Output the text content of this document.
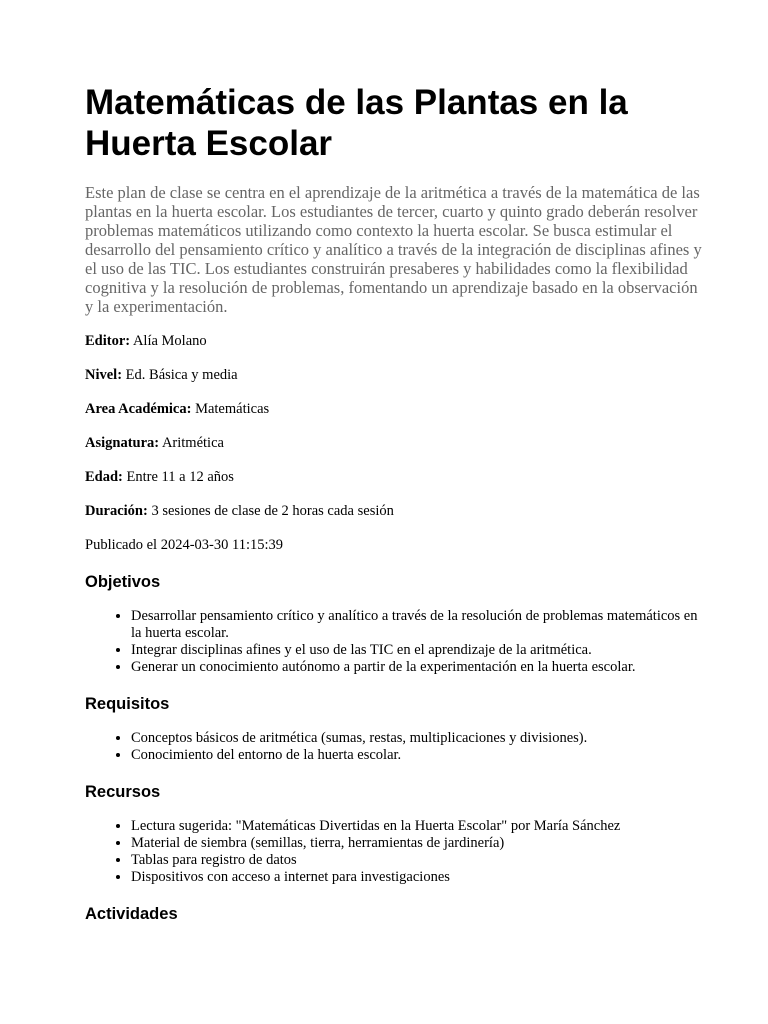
Matemáticas de las Plantas en la Huerta Escolar

Este plan de clase se centra en el aprendizaje de la aritmética a través de la matemática de las plantas en la huerta escolar. Los estudiantes de tercer, cuarto y quinto grado deberán resolver problemas matemáticos utilizando como contexto la huerta escolar. Se busca estimular el desarrollo del pensamiento crítico y analítico a través de la integración de disciplinas afines y el uso de las TIC. Los estudiantes construirán presaberes y habilidades como la flexibilidad cognitiva y la resolución de problemas, fomentando un aprendizaje basado en la observación y la experimentación.

Editor: Alía Molano

Nivel: Ed. Básica y media

Area Académica: Matemáticas

Asignatura: Aritmética

Edad: Entre 11 a 12 años

Duración: 3 sesiones de clase de 2 horas cada sesión

Publicado el 2024-03-30 11:15:39

Objetivos
• Desarrollar pensamiento crítico y analítico a través de la resolución de problemas matemáticos en la huerta escolar.
• Integrar disciplinas afines y el uso de las TIC en el aprendizaje de la aritmética.
• Generar un conocimiento autónomo a partir de la experimentación en la huerta escolar.
Requisitos
• Conceptos básicos de aritmética (sumas, restas, multiplicaciones y divisiones).
• Conocimiento del entorno de la huerta escolar.
Recursos
• Lectura sugerida: "Matemáticas Divertidas en la Huerta Escolar" por María Sánchez
• Material de siembra (semillas, tierra, herramientas de jardinería)
• Tablas para registro de datos
• Dispositivos con acceso a internet para investigaciones
Actividades
